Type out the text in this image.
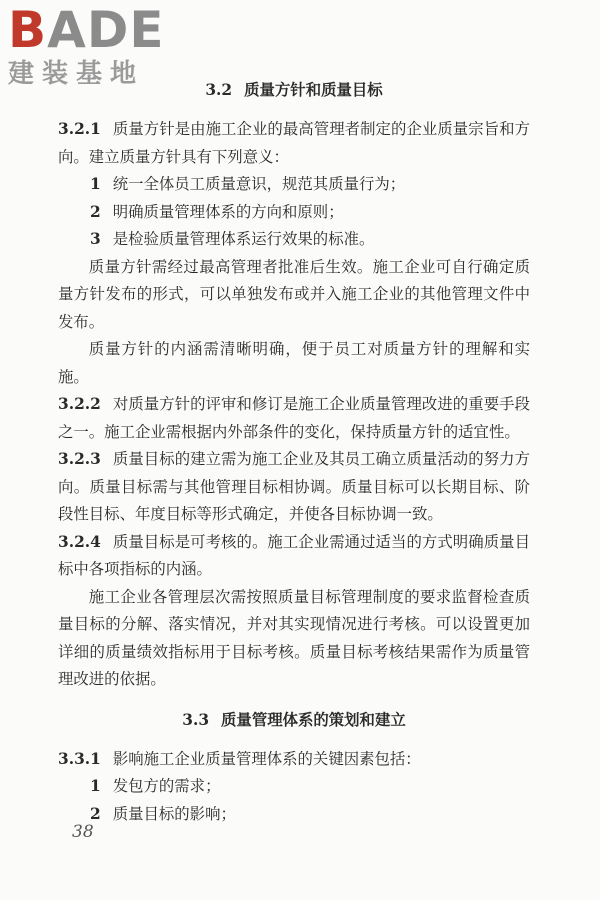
BADE
建装基地
3.2 质量方针和质量目标

3.2.1 质量方针是由施工企业的最高管理者制定的企业质量宗旨和方向。建立质量方针具有下列意义：

1 统一全体员工质量意识，规范其质量行为；

2 明确质量管理体系的方向和原则；

3 是检验质量管理体系运行效果的标准。

质量方针需经过最高管理者批准后生效。施工企业可自行确定质量方针发布的形式，可以单独发布或并入施工企业的其他管理文件中发布。

质量方针的内涵需清晰明确，便于员工对质量方针的理解和实施。

3.2.2 对质量方针的评审和修订是施工企业质量管理改进的重要手段之一。施工企业需根据内外部条件的变化，保持质量方针的适宜性。

3.2.3 质量目标的建立需为施工企业及其员工确立质量活动的努力方向。质量目标需与其他管理目标相协调。质量目标可以长期目标、阶段性目标、年度目标等形式确定，并使各目标协调一致。

3.2.4 质量目标是可考核的。施工企业需通过适当的方式明确质量目标中各项指标的内涵。

施工企业各管理层次需按照质量目标管理制度的要求监督检查质量目标的分解、落实情况，并对其实现情况进行考核。可以设置更加详细的质量绩效指标用于目标考核。质量目标考核结果需作为质量管理改进的依据。

3.3 质量管理体系的策划和建立

3.3.1 影响施工企业质量管理体系的关键因素包括：

1 发包方的需求；

2 质量目标的影响；

38
